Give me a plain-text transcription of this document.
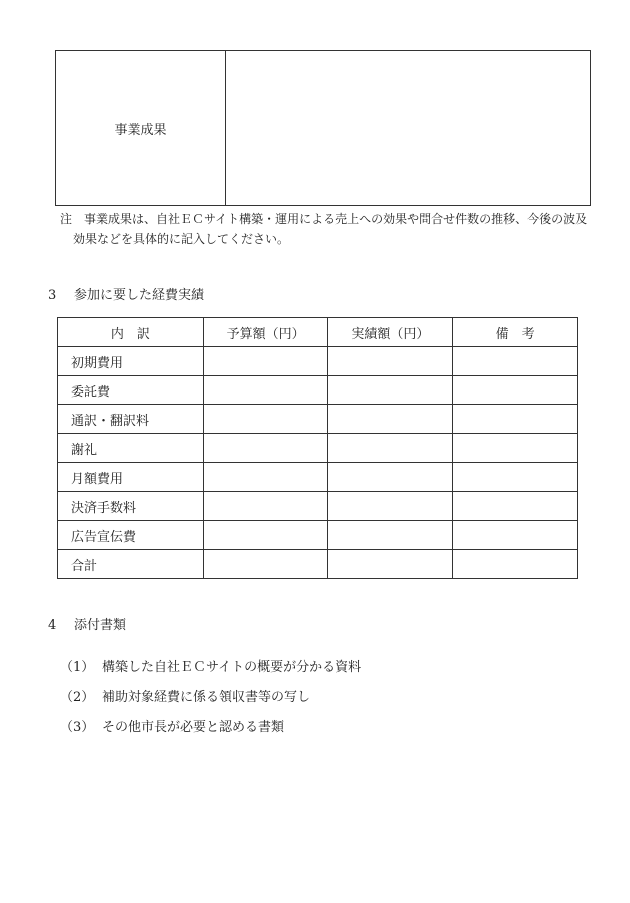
事業成果	
注　事業成果は、自社ＥＣサイト構築・運用による売上への効果や問合せ件数の推移、今後の波及
効果などを具体的に記入してください。
3 参加に要した経費実績
内　訳	予算額（円）	実績額（円）	備　考
初期費用			
委託費			
通訳・翻訳料			
謝礼			
月額費用			
決済手数料			
広告宣伝費			
合計			
4 添付書類
（1） 構築した自社ＥＣサイトの概要が分かる資料
（2） 補助対象経費に係る領収書等の写し
（3） その他市長が必要と認める書類
